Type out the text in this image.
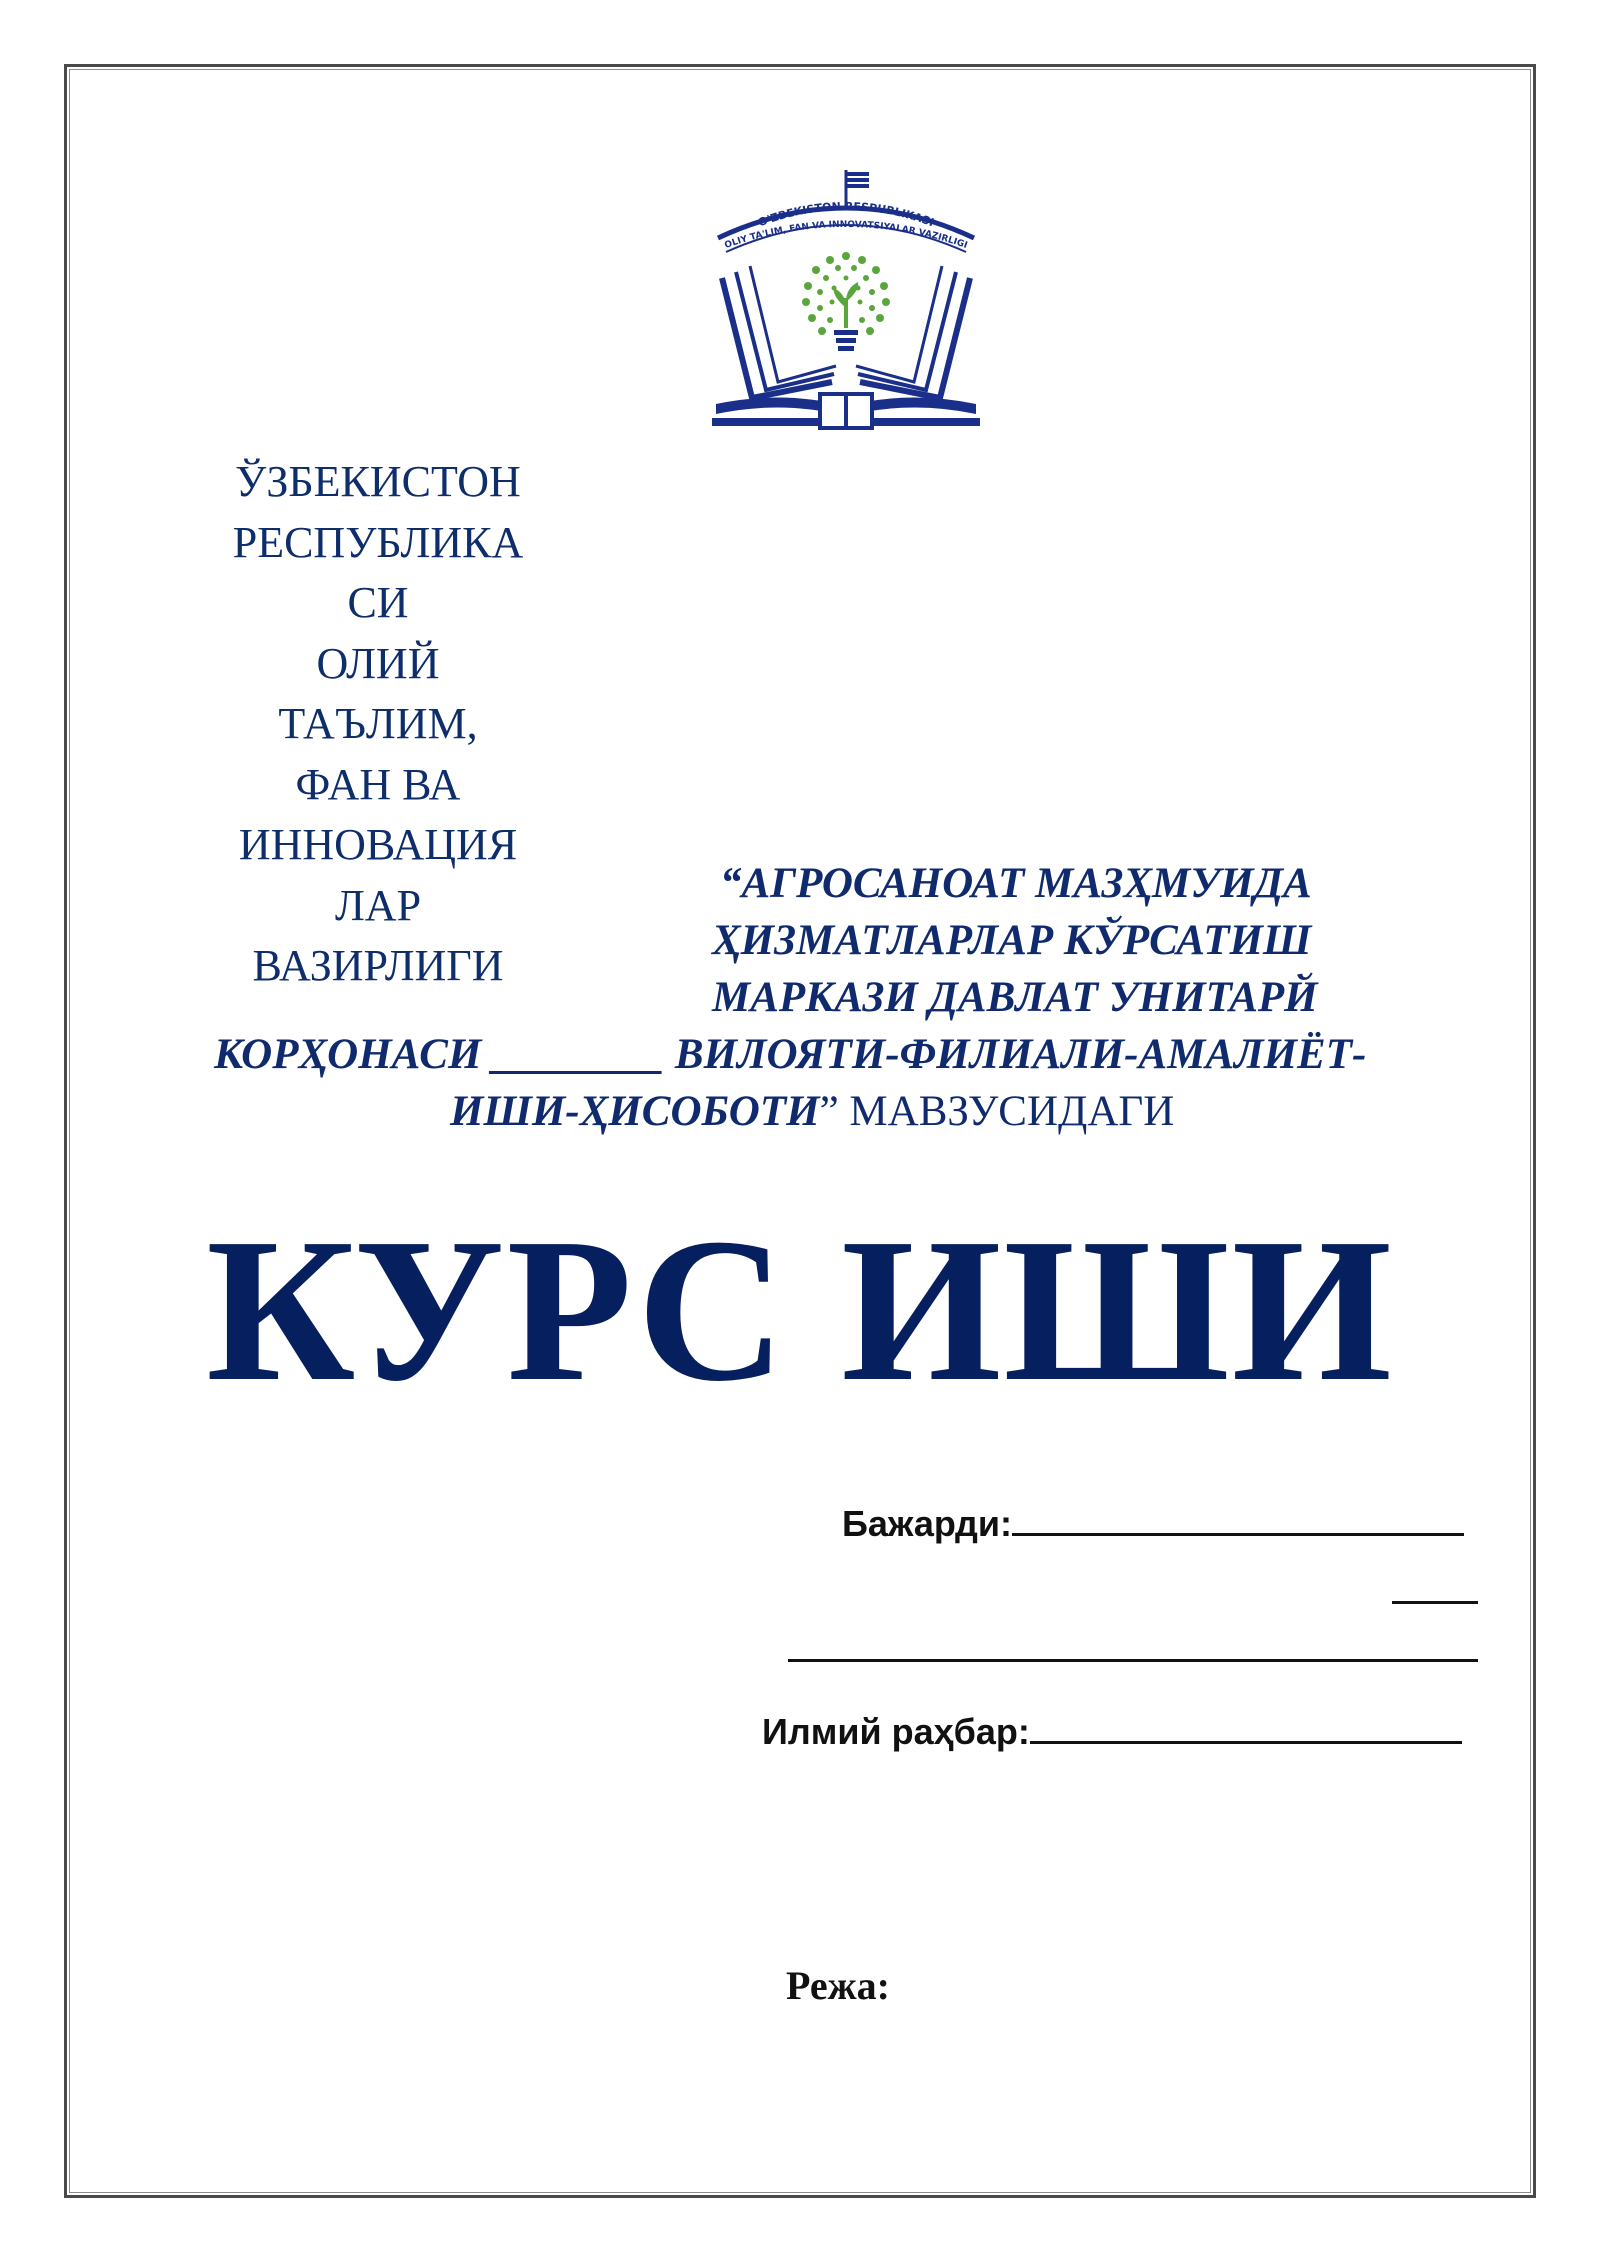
O'ZBEKISTON RESPUBLIKASI
OLIY TA'LIM, FAN VA INNOVATSIYALAR VAZIRLIGI
ЎЗБЕКИСТОН
РЕСПУБЛИКА
СИ
ОЛИЙ
ТАЪЛИМ,
ФАН ВА
ИННОВАЦИЯ
ЛАР
ВАЗИРЛИГИ
“АГРОСАНОАТ МАЗҲМУИДА
ҲИЗМАТЛАРЛАР КЎРСАТИШ
МАРКАЗИ ДАВЛАТ УНИТАРЙ
КОРҲОНАСИ ________ ВИЛОЯТИ-ФИЛИАЛИ-АМАЛИЁТ-
ИШИ-ҲИСОБОТИ” МАВЗУСИДАГИ
КУРС ИШИ
Бажарди:
Илмий раҳбар:
Режа:
